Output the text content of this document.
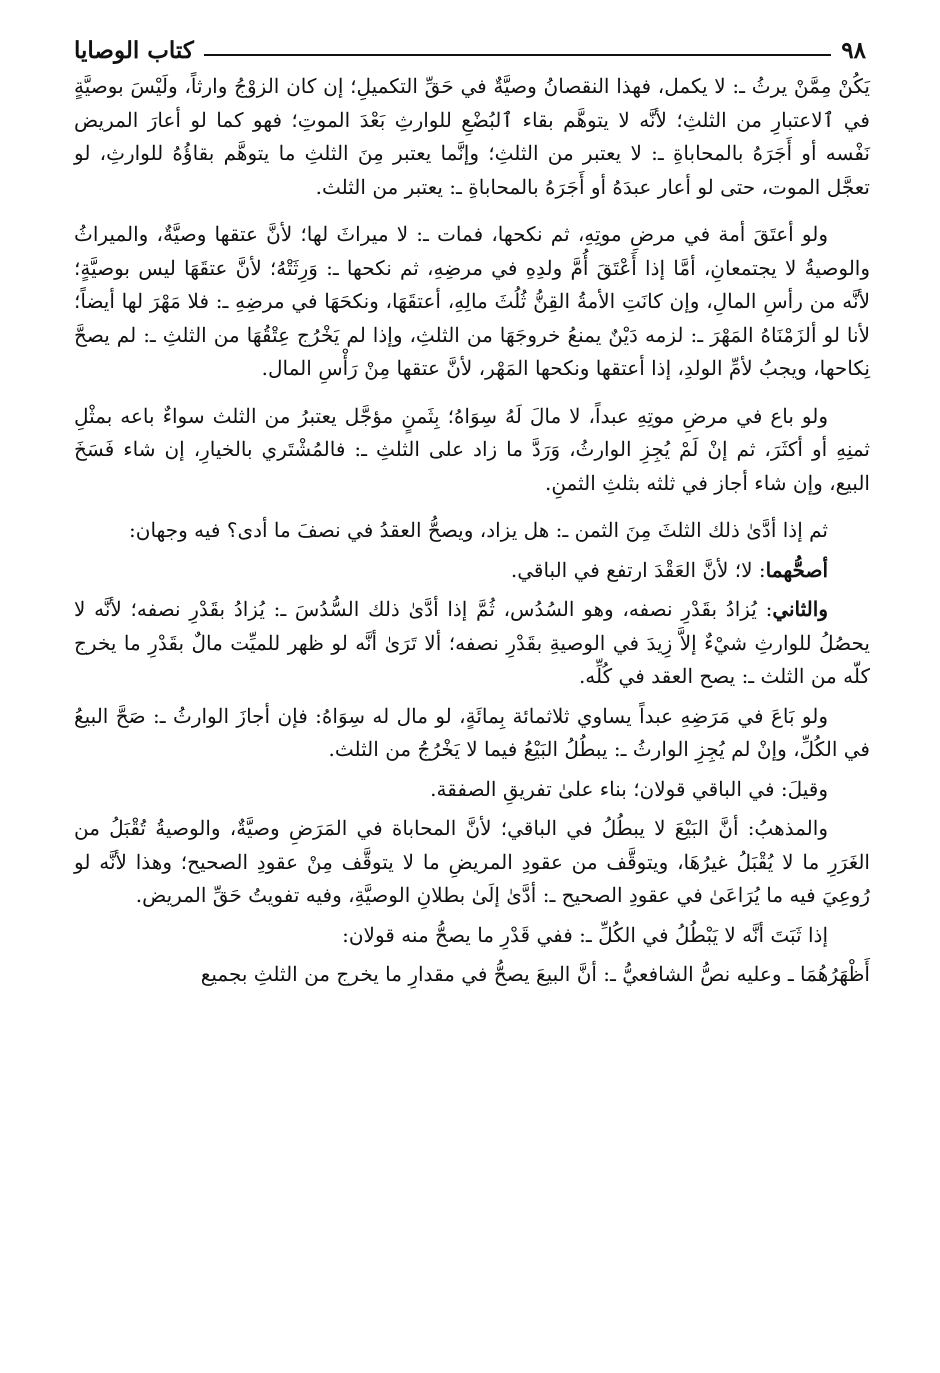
٩٨
كتاب الوصايا

يَكُنْ مِمَّنْ يرثُ ـ: لا يكمل، فهذا النقصانُ وصيَّةٌ في حَقِّ التكميلِ؛ إن كان الزوْجُ وارثاً، ولَيْسَ بوصيَّةٍ في ٱلاعتبارِ من الثلثِ؛ لأنَّه لا يتوهَّم بقاء ٱلبُضْعِ للوارثِ بَعْدَ الموتِ؛ فهو كما لو أعارَ المريض نَفْسه أو أَجَرَهُ بالمحاباةِ ـ: لا يعتبر من الثلثِ؛ وإنَّما يعتبر مِنَ الثلثِ ما يتوهَّم بقاؤُهُ للوارثِ، لو تعجَّل الموت، حتى لو أعار عبدَهُ أو أَجَرَهُ بالمحاباةِ ـ: يعتبر من الثلث.

ولو أعتَقَ أمة في مرضِ موتِهِ، ثم نكحها، فمات ـ: لا ميراثَ لها؛ لأنَّ عتقها وصيَّةٌ، والميراثُ والوصيةُ لا يجتمعانِ، أمَّا إذا أَعْتَقَ أُمَّ ولدِهِ في مرضِهِ، ثم نكحها ـ: وَرِثَتْهُ؛ لأنَّ عتقَهَا ليس بوصيَّةٍ؛ لأنَّه من رأسِ المالِ، وإن كانَتِ الأمةُ القِنُّ ثُلُثَ مالِهِ، أعتقَهَا، ونكحَهَا في مرضِهِ ـ: فلا مَهْرَ لها أيضاً؛ لأنا لو ألزَمْنَاهُ المَهْرَ ـ: لزمه دَيْنٌ يمنعُ خروجَهَا من الثلثِ، وإذا لم يَخْرُج عِتْقُهَا من الثلثِ ـ: لم يصحَّ نِكاحها، ويجبُ لأمِّ الولدِ، إذا أعتقها ونكحها المَهْر، لأنَّ عتقها مِنْ رَأْسِ المال.

ولو باع في مرضِ موتِهِ عبداً، لا مالَ لَهُ سِوَاهُ؛ بِثَمنٍ مؤجَّل يعتبرُ من الثلث سواءٌ باعه بمثْلِ ثمنِهِ أو أكثَرَ، ثم إنْ لَمْ يُجِزِ الوارثُ، وَرَدَّ ما زاد على الثلثِ ـ: فالمُشْتَري بالخيارِ، إن شاء فَسَخَ البيع، وإن شاء أجاز في ثلثه بثلثِ الثمنِ.

ثم إذا أدَّىٰ ذلك الثلثَ مِنَ الثمن ـ: هل يزاد، ويصحُّ العقدُ في نصفَ ما أدى؟ فيه وجهان:

أصحُّهما: لا؛ لأنَّ العَقْدَ ارتفع في الباقي.

والثاني: يُزادُ بقَدْرِ نصفه، وهو السُدُس، ثُمَّ إذا أدَّىٰ ذلك السُّدُسَ ـ: يُزادُ بقَدْرِ نصفه؛ لأنَّه لا يحصُلُ للوارثِ شيْءٌ إلاَّ زِيدَ في الوصيةِ بقَدْرِ نصفه؛ ألا تَرَىٰ أنَّه لو ظهر للميِّت مالٌ بقَدْرِ ما يخرج كلّه من الثلث ـ: يصح العقد في كُلِّه.

ولو بَاعَ في مَرَضِهِ عبداً يساوي ثلاثمائة بِمائَةٍ، لو مال له سِوَاهُ: فإن أجازَ الوارثُ ـ: صَحَّ البيعُ في الكُلِّ، وإنْ لم يُجِزِ الوارثُ ـ: يبطُلُ البَيْعُ فيما لا يَخْرُجُ من الثلث.

وقيلَ: في الباقي قولان؛ بناء علىٰ تفريقِ الصفقة.

والمذهبُ: أنَّ البَيْعَ لا يبطُلُ في الباقي؛ لأنَّ المحاباة في المَرَضِ وصيَّةٌ، والوصيةُ تُقْبَلُ من الغَرَرِ ما لا يُقْبَلُ غيرُهَا، ويتوقَّف من عقودِ المريضِ ما لا يتوقَّف مِنْ عقودِ الصحيح؛ وهذا لأنَّه لو رُوعِيَ فيه ما يُرَاعَىٰ في عقودِ الصحيح ـ: أدَّىٰ إلَىٰ بطلانِ الوصيَّةِ، وفيه تفويتُ حَقِّ المريض.

إذا ثَبَتَ أنَّه لا يَبْطُلُ في الكُلِّ ـ: ففي قَدْرِ ما يصحُّ منه قولان:

أَظْهَرُهُمَا ـ وعليه نصُّ الشافعيُّ ـ: أنَّ البيعَ يصحُّ في مقدارِ ما يخرج من الثلثِ بجميع
